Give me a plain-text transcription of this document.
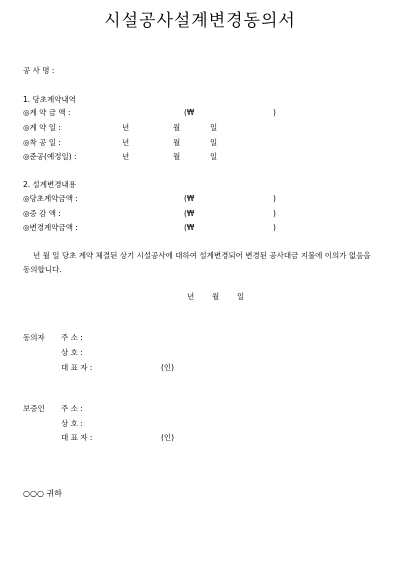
시설공사설계변경동의서
공 사 명 :
1. 당초계약내역
◎계 약 금 액 :	(₩	)
◎계 약 일 :	년	월	일
◎착 공 일 :	년	월	일
◎준공(예정일) :	년	월	일
2. 설계변경내용
◎당초계약금액 :	(₩	)
◎증 감 액 :	(₩	)
◎변경계약금액 :	(₩	)
년 월 일 당초 계약 체결된 상기 시설공사에 대하여 설계변경되어 변경된 공사대금 지불에 이의가 없음을 동의합니다.
년 월 일
동의자 주 소 :
상 호 :
대 표 자 :	(인)
보증인 주 소 :
상 호 :
대 표 자 :	(인)
○○○ 귀하
